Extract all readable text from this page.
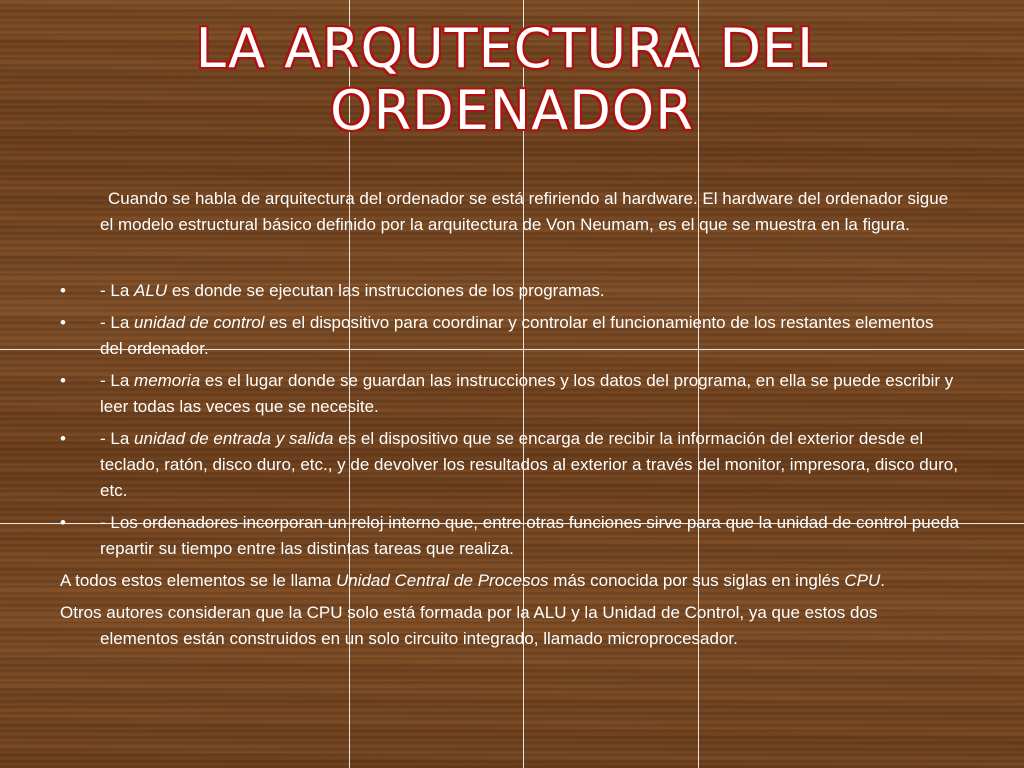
LA ARQUTECTURA DEL
ORDENADOR
Cuando se habla de arquitectura del ordenador se está refiriendo al hardware. El hardware del ordenador sigue el modelo estructural básico definido por la arquitectura de Von Neumam, es el que se muestra en la figura.
• - La ALU es donde se ejecutan las instrucciones de los programas.
• - La unidad de control es el dispositivo para coordinar y controlar el funcionamiento de los restantes elementos del ordenador.
• - La memoria es el lugar donde se guardan las instrucciones y los datos del programa, en ella se puede escribir y leer todas las veces que se necesite.
• - La unidad de entrada y salida es el dispositivo que se encarga de recibir la información del exterior desde el teclado, ratón, disco duro, etc., y de devolver los resultados al exterior a través del monitor, impresora, disco duro, etc.
• - Los ordenadores incorporan un reloj interno que, entre otras funciones sirve para que la unidad de control pueda repartir su tiempo entre las distintas tareas que realiza.

A todos estos elementos se le llama Unidad Central de Procesos más conocida por sus siglas en inglés CPU.

Otros autores consideran que la CPU solo está formada por la ALU y la Unidad de Control, ya que estos dos elementos están construidos en un solo circuito integrado, llamado microprocesador.
